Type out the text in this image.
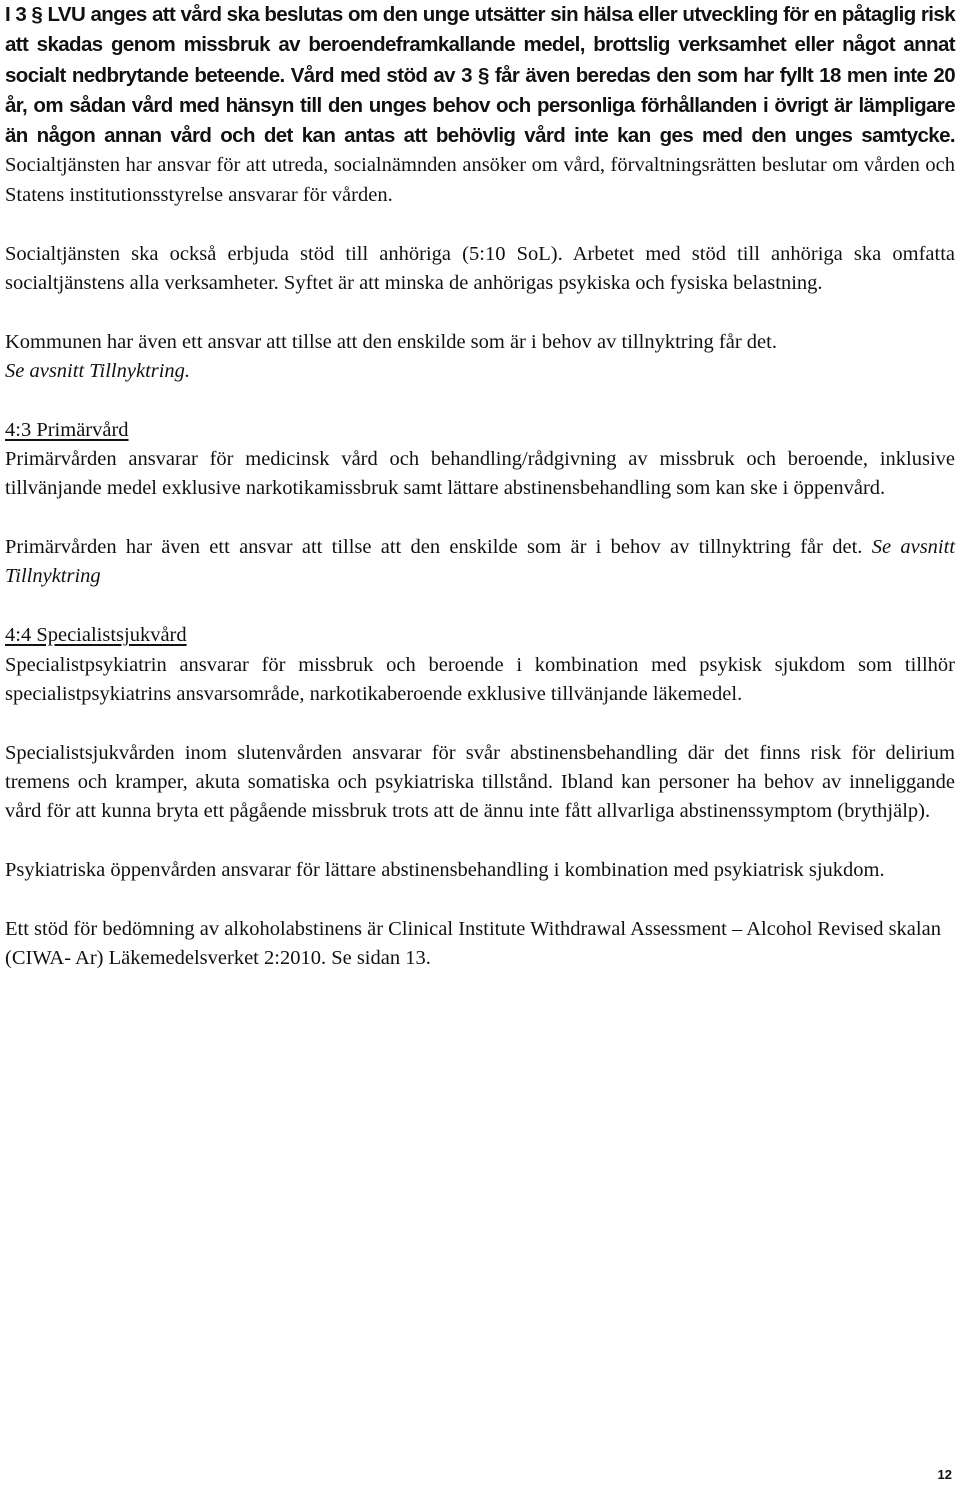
I 3 § LVU anges att vård ska beslutas om den unge utsätter sin hälsa eller utveckling för en påtaglig risk att skadas genom missbruk av beroendeframkallande medel, brottslig verksamhet eller något annat socialt nedbrytande beteende. Vård med stöd av 3 § får även beredas den som har fyllt 18 men inte 20 år, om sådan vård med hänsyn till den unges behov och personliga förhållanden i övrigt är lämpligare än någon annan vård och det kan antas att behövlig vård inte kan ges med den unges samtycke. Socialtjänsten har ansvar för att utreda, socialnämnden ansöker om vård, förvaltningsrätten beslutar om vården och Statens institutionsstyrelse ansvarar för vården.

Socialtjänsten ska också erbjuda stöd till anhöriga (5:10 SoL). Arbetet med stöd till anhöriga ska omfatta socialtjänstens alla verksamheter. Syftet är att minska de anhörigas psykiska och fysiska belastning.

Kommunen har även ett ansvar att tillse att den enskilde som är i behov av tillnyktring får det.
Se avsnitt Tillnyktring.

4:3 Primärvård
Primärvården ansvarar för medicinsk vård och behandling/rådgivning av missbruk och beroende, inklusive tillvänjande medel exklusive narkotikamissbruk samt lättare abstinensbehandling som kan ske i öppenvård.

Primärvården har även ett ansvar att tillse att den enskilde som är i behov av tillnyktring får det. Se avsnitt Tillnyktring

4:4 Specialistsjukvård
Specialistpsykiatrin ansvarar för missbruk och beroende i kombination med psykisk sjukdom som tillhör specialistpsykiatrins ansvarsområde, narkotikaberoende exklusive tillvänjande läkemedel.

Specialistsjukvården inom slutenvården ansvarar för svår abstinensbehandling där det finns risk för delirium tremens och kramper, akuta somatiska och psykiatriska tillstånd. Ibland kan personer ha behov av inneliggande vård för att kunna bryta ett pågående missbruk trots att de ännu inte fått allvarliga abstinenssymptom (brythjälp).

Psykiatriska öppenvården ansvarar för lättare abstinensbehandling i kombination med psykiatrisk sjukdom.

Ett stöd för bedömning av alkoholabstinens är Clinical Institute Withdrawal Assessment – Alcohol Revised skalan (CIWA- Ar) Läkemedelsverket 2:2010. Se sidan 13.

12
